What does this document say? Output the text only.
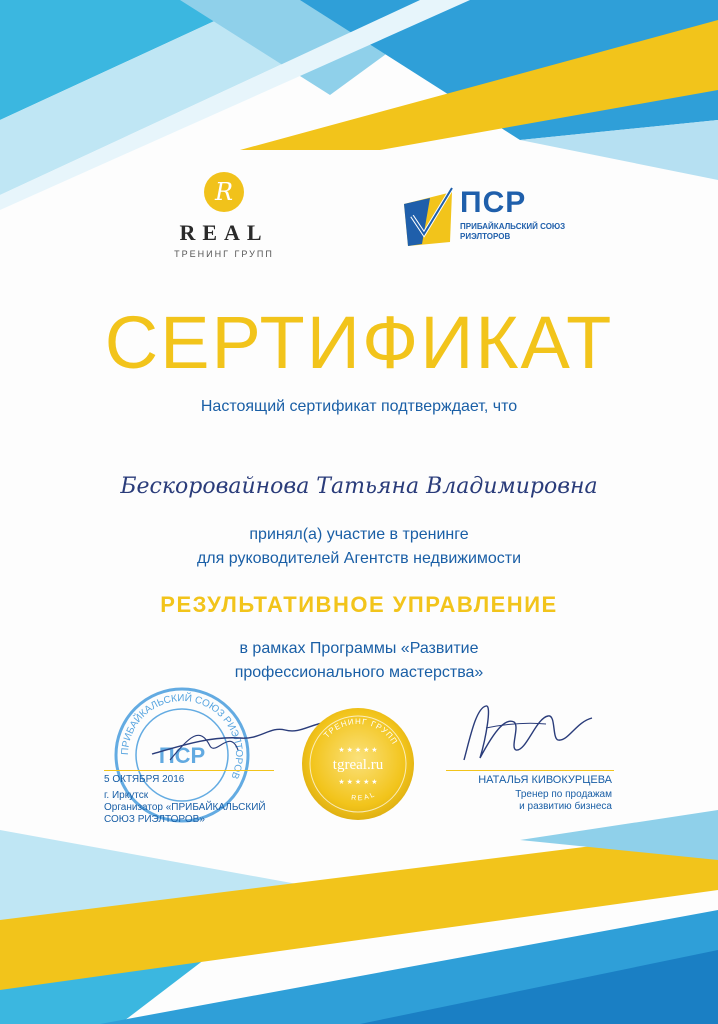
R
REAL
ТРЕНИНГ ГРУПП
ПСР
ПРИБАЙКАЛЬСКИЙ СОЮЗ РИЭЛТОРОВ
СЕРТИФИКАТ
Настоящий сертификат подтверждает, что
Бескоровайнова Татьяна Владимировна
принял(а) участие в тренинге
для руководителей Агентств недвижимости
РЕЗУЛЬТАТИВНОЕ УПРАВЛЕНИЕ
в рамках Программы «Развитие
профессионального мастерства»
ПРИБАЙКАЛЬСКИЙ СОЮЗ РИЭЛТОРОВ
ПСР
5 ОКТЯБРЯ 2016
г. Иркутск
Организатор «ПРИБАЙКАЛЬСКИЙ
СОЮЗ РИЭЛТОРОВ»
ТРЕНИНГ ГРУПП
tgreal.ru
REAL
★ ★ ★ ★ ★
★ ★ ★ ★ ★	НАТАЛЬЯ КИВОКУРЦЕВА
Тренер по продажам
и развитию бизнеса
